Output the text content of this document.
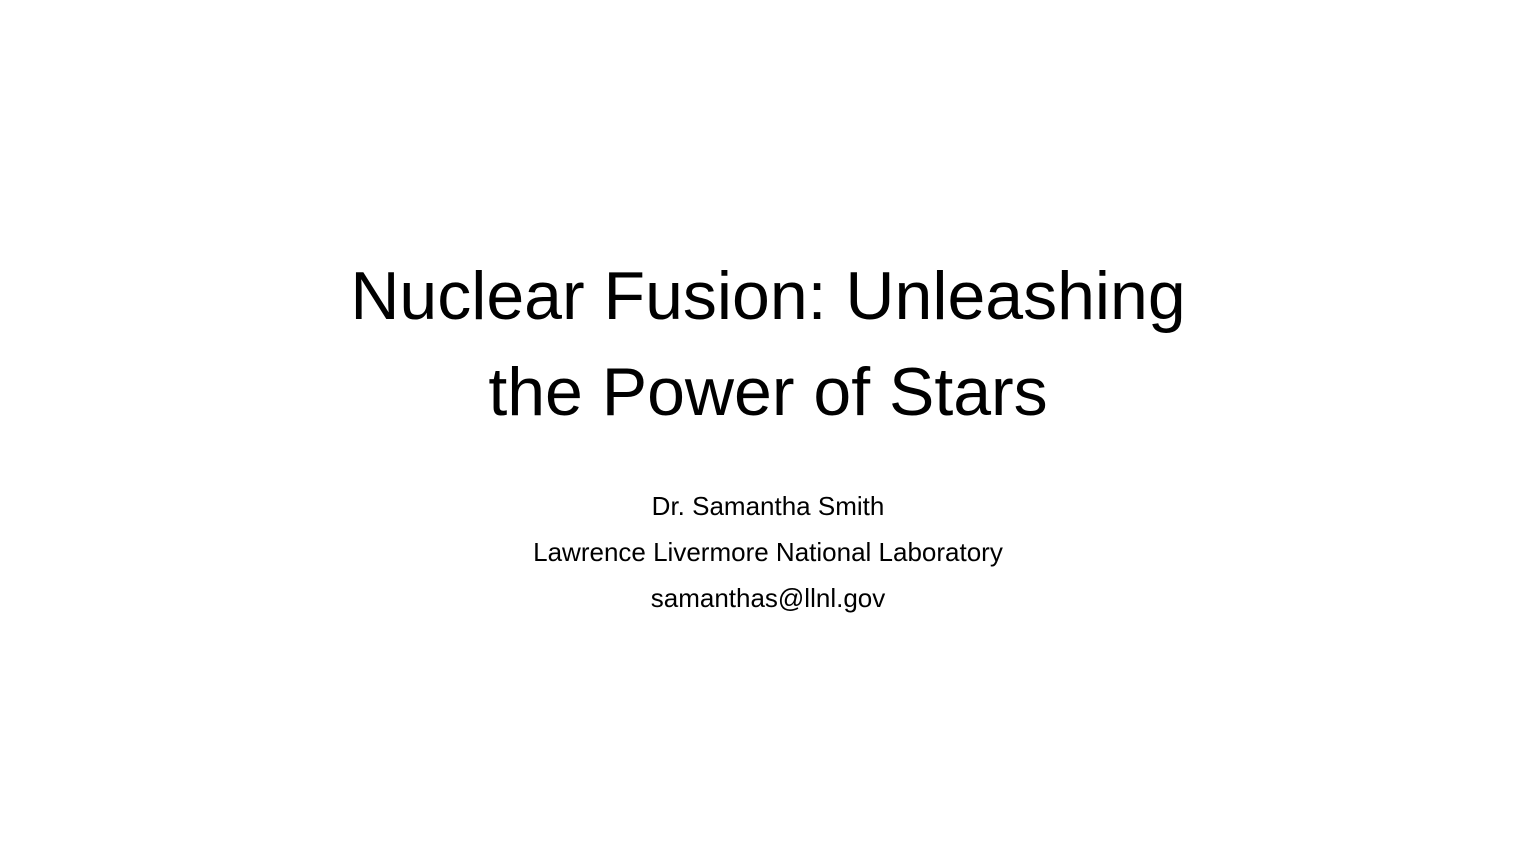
Nuclear Fusion: Unleashing
the Power of Stars
Dr. Samantha Smith
Lawrence Livermore National Laboratory
samanthas@llnl.gov
